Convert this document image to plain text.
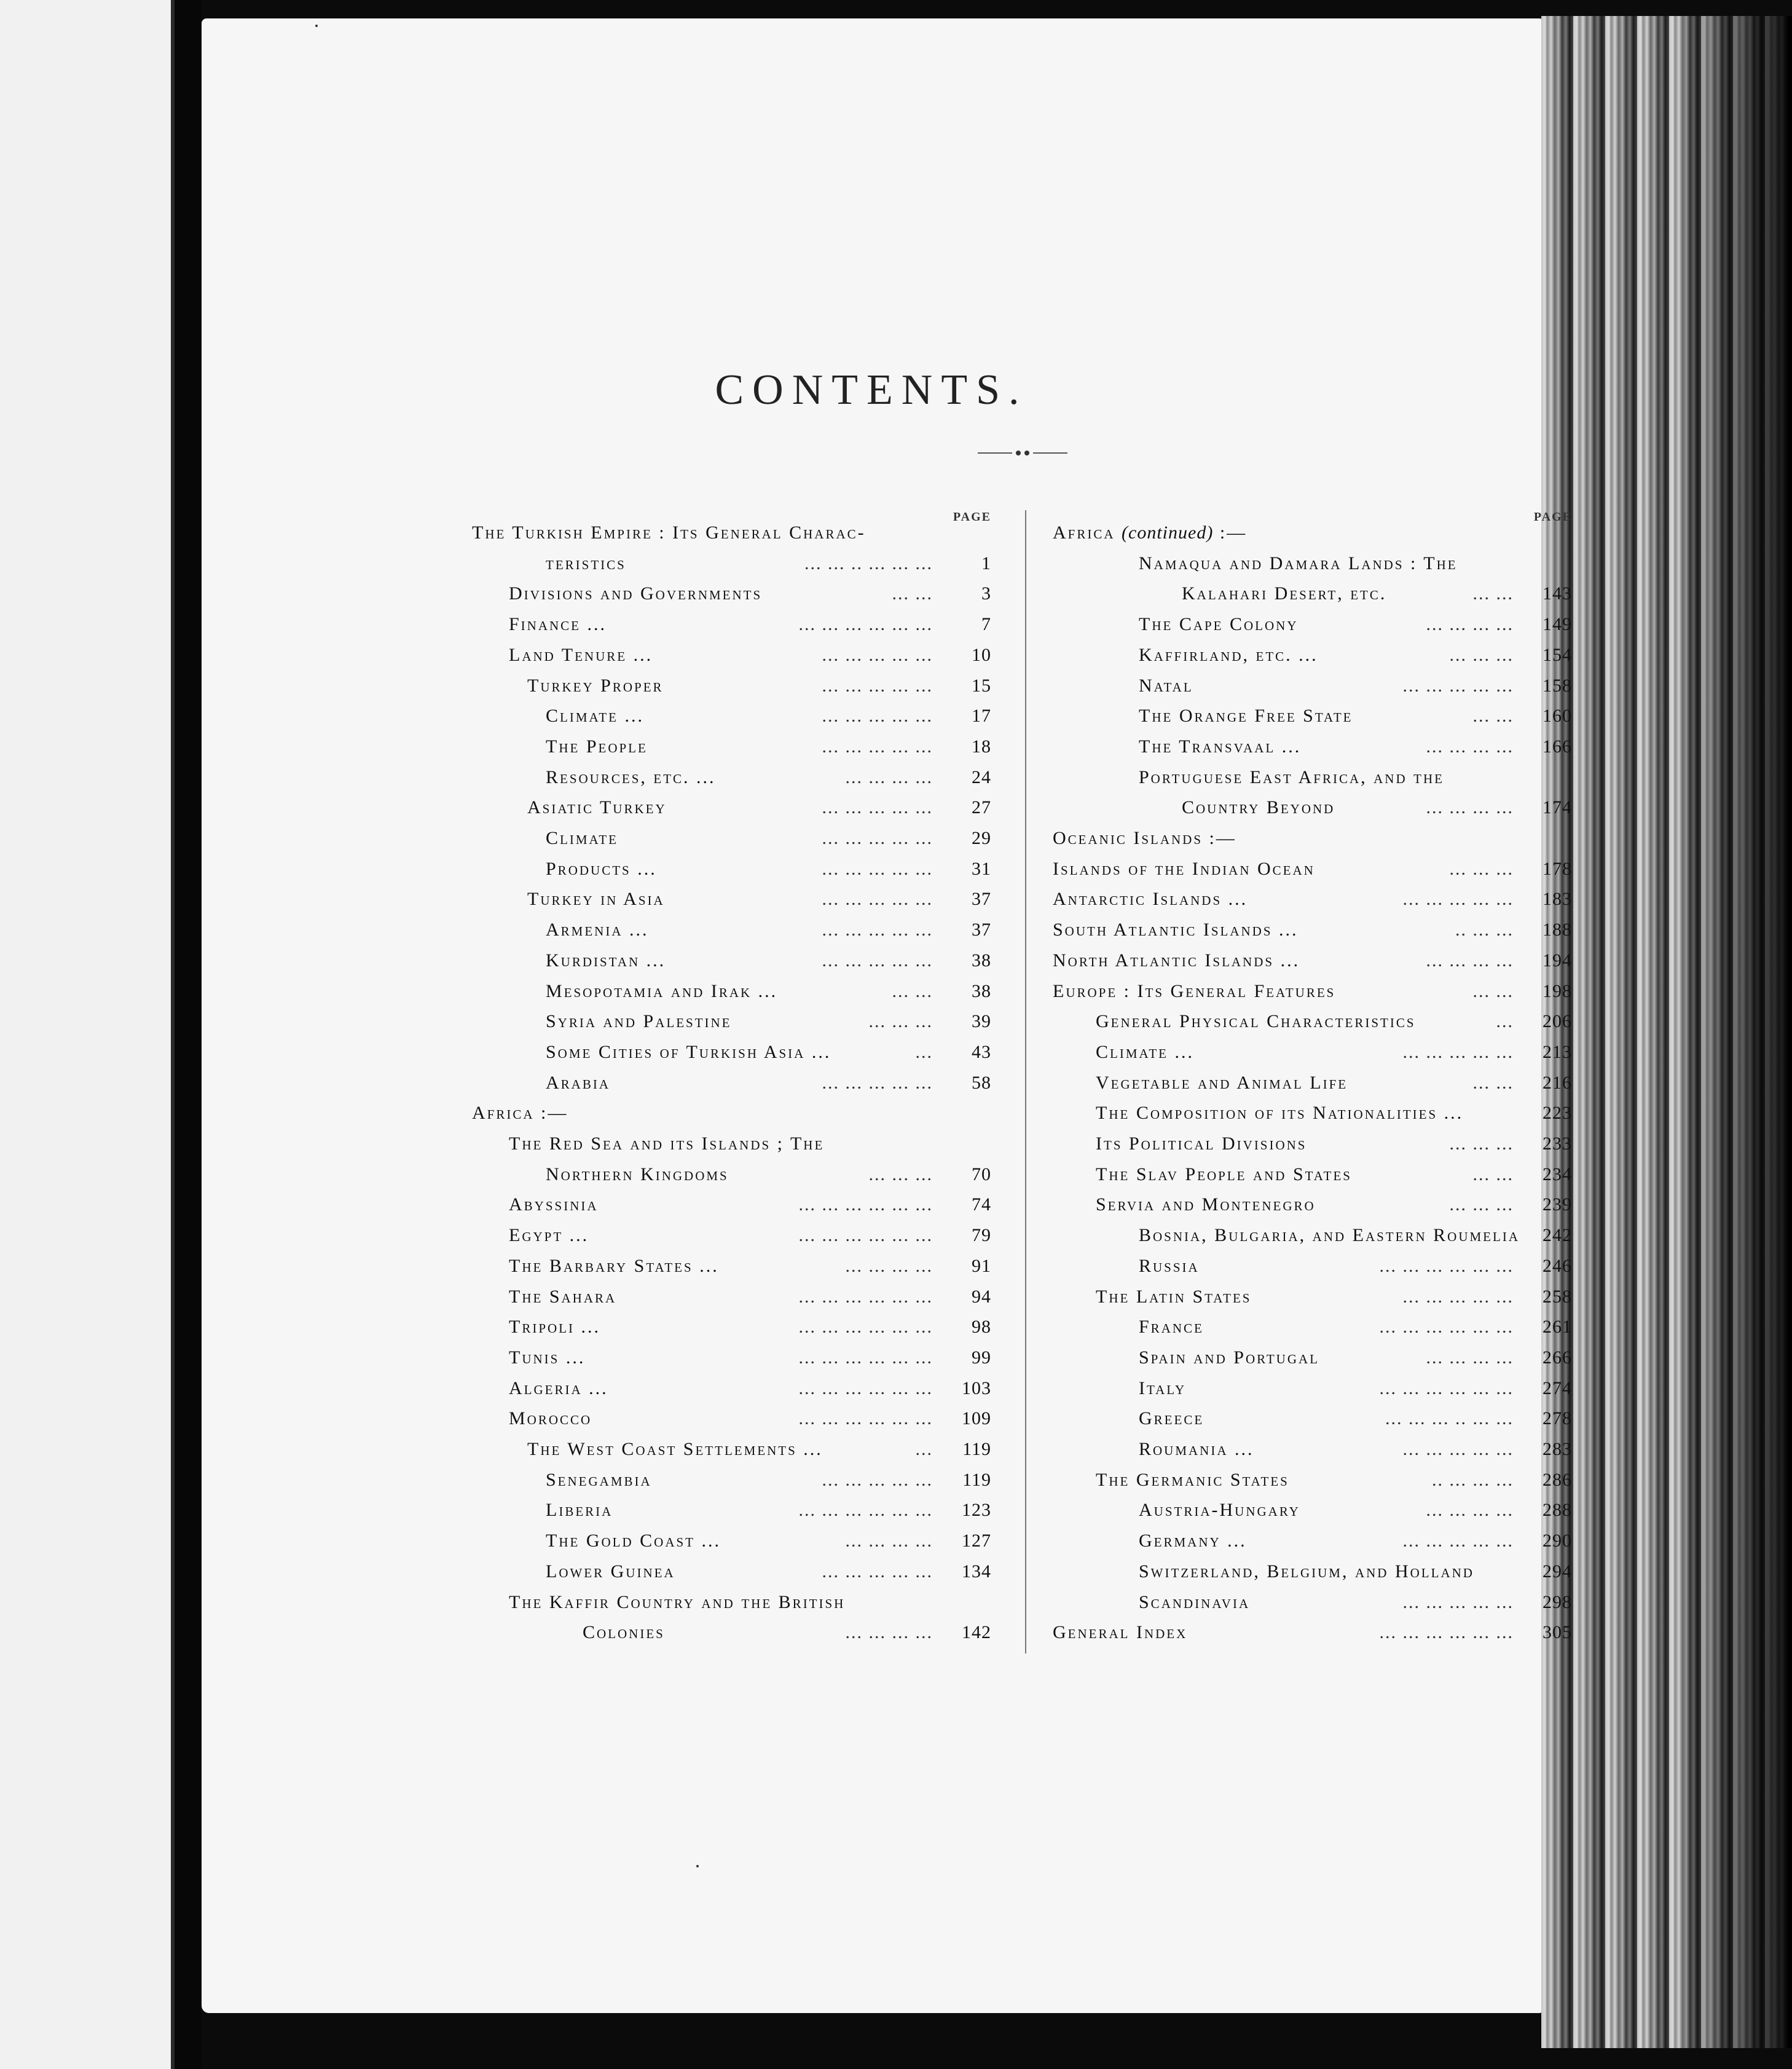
CONTENTS.
PAGE
The Turkish Empire : Its General Charac-
teristics	... ... .. ... ... ...	1
Divisions and Governments	... ...	3
Finance ...	... ... ... ... ... ...	7
Land Tenure ...	... ... ... ... ...	10
Turkey Proper	... ... ... ... ...	15
Climate ...	... ... ... ... ...	17
The People	... ... ... ... ...	18
Resources, etc. ...	... ... ... ...	24
Asiatic Turkey	... ... ... ... ...	27
Climate	... ... ... ... ...	29
Products ...	... ... ... ... ...	31
Turkey in Asia	... ... ... ... ...	37
Armenia ...	... ... ... ... ...	37
Kurdistan ...	... ... ... ... ...	38
Mesopotamia and Irak ...	... ...	38
Syria and Palestine	... ... ...	39
Some Cities of Turkish Asia ...	...	43
Arabia	... ... ... ... ...	58
Africa :—
The Red Sea and its Islands ; The
Northern Kingdoms	... ... ...	70
Abyssinia	... ... ... ... ... ...	74
Egypt ...	... ... ... ... ... ...	79
The Barbary States ...	... ... ... ...	91
The Sahara	... ... ... ... ... ...	94
Tripoli ...	... ... ... ... ... ...	98
Tunis ...	... ... ... ... ... ...	99
Algeria ...	... ... ... ... ... ...	103
Morocco	... ... ... ... ... ...	109
The West Coast Settlements ...	...	119
Senegambia	... ... ... ... ...	119
Liberia	... ... ... ... ... ...	123
The Gold Coast ...	... ... ... ...	127
Lower Guinea	... ... ... ... ...	134
The Kaffir Country and the British
Colonies	... ... ... ...	142
PAGE
Africa (continued) :—
Namaqua and Damara Lands : The
Kalahari Desert, etc.	... ...	143
The Cape Colony	... ... ... ...	149
Kaffirland, etc. ...	... ... ...	154
Natal	... ... ... ... ...	158
The Orange Free State	... ...	160
The Transvaal ...	... ... ... ...	166
Portuguese East Africa, and the
Country Beyond	... ... ... ...	174
Oceanic Islands :—
Islands of the Indian Ocean	... ... ...	178
Antarctic Islands ...	... ... ... ... ...	183
South Atlantic Islands ...	.. ... ...	188
North Atlantic Islands ...	... ... ... ...	194
Europe : Its General Features	... ...	198
General Physical Characteristics	...	206
Climate ...	... ... ... ... ...	213
Vegetable and Animal Life	... ...	216
The Composition of its Nationalities ...	223
Its Political Divisions	... ... ...	233
The Slav People and States	... ...	234
Servia and Montenegro	... ... ...	239
Bosnia, Bulgaria, and Eastern Roumelia	242
Russia	... ... ... ... ... ...	246
The Latin States	... ... ... ... ...	258
France	... ... ... ... ... ...	261
Spain and Portugal	... ... ... ...	266
Italy	... ... ... ... ... ...	274
Greece	... ... ... .. ... ...	278
Roumania ...	... ... ... ... ...	283
The Germanic States	.. ... ... ...	286
Austria-Hungary	... ... ... ...	288
Germany ...	... ... ... ... ...	290
Switzerland, Belgium, and Holland	294
Scandinavia	... ... ... ... ...	298
General Index	... ... ... ... ... ...	305
